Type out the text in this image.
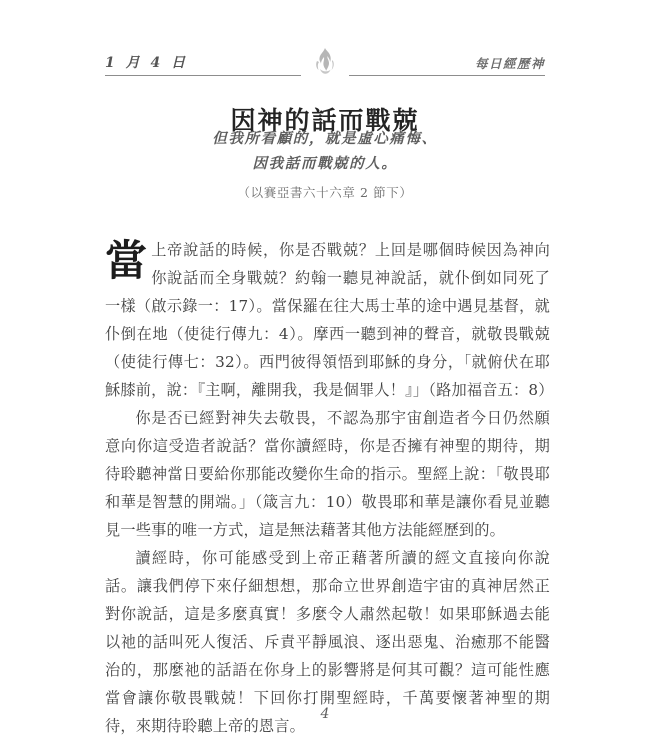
1 月 4 日	每日經歷神
因神的話而戰兢
但我所看顧的，就是虛心痛悔、
因我話而戰兢的人。
（以賽亞書六十六章 2 節下）

當上帝說話的時候，你是否戰兢？上回是哪個時候因為神向你說話而全身戰兢？約翰一聽見神說話，就仆倒如同死了一樣（啟示錄一：17）。當保羅在往大馬士革的途中遇見基督，就仆倒在地（使徒行傳九：4）。摩西一聽到神的聲音，就敬畏戰兢（使徒行傳七：32）。西門彼得領悟到耶穌的身分，「就俯伏在耶穌膝前，說：『主啊，離開我，我是個罪人！』」（路加福音五：8）

你是否已經對神失去敬畏，不認為那宇宙創造者今日仍然願意向你這受造者說話？當你讀經時，你是否擁有神聖的期待，期待聆聽神當日要給你那能改變你生命的指示。聖經上說：「敬畏耶和華是智慧的開端。」（箴言九：10）敬畏耶和華是讓你看見並聽見一些事的唯一方式，這是無法藉著其他方法能經歷到的。

讀經時，你可能感受到上帝正藉著所讀的經文直接向你說話。讓我們停下來仔細想想，那命立世界創造宇宙的真神居然正對你說話，這是多麼真實！多麼令人肅然起敬！如果耶穌過去能以祂的話叫死人復活、斥責平靜風浪、逐出惡鬼、治癒那不能醫治的，那麼祂的話語在你身上的影響將是何其可觀？這可能性應當會讓你敬畏戰兢！下回你打開聖經時，千萬要懷著神聖的期待，來期待聆聽上帝的恩言。

4
